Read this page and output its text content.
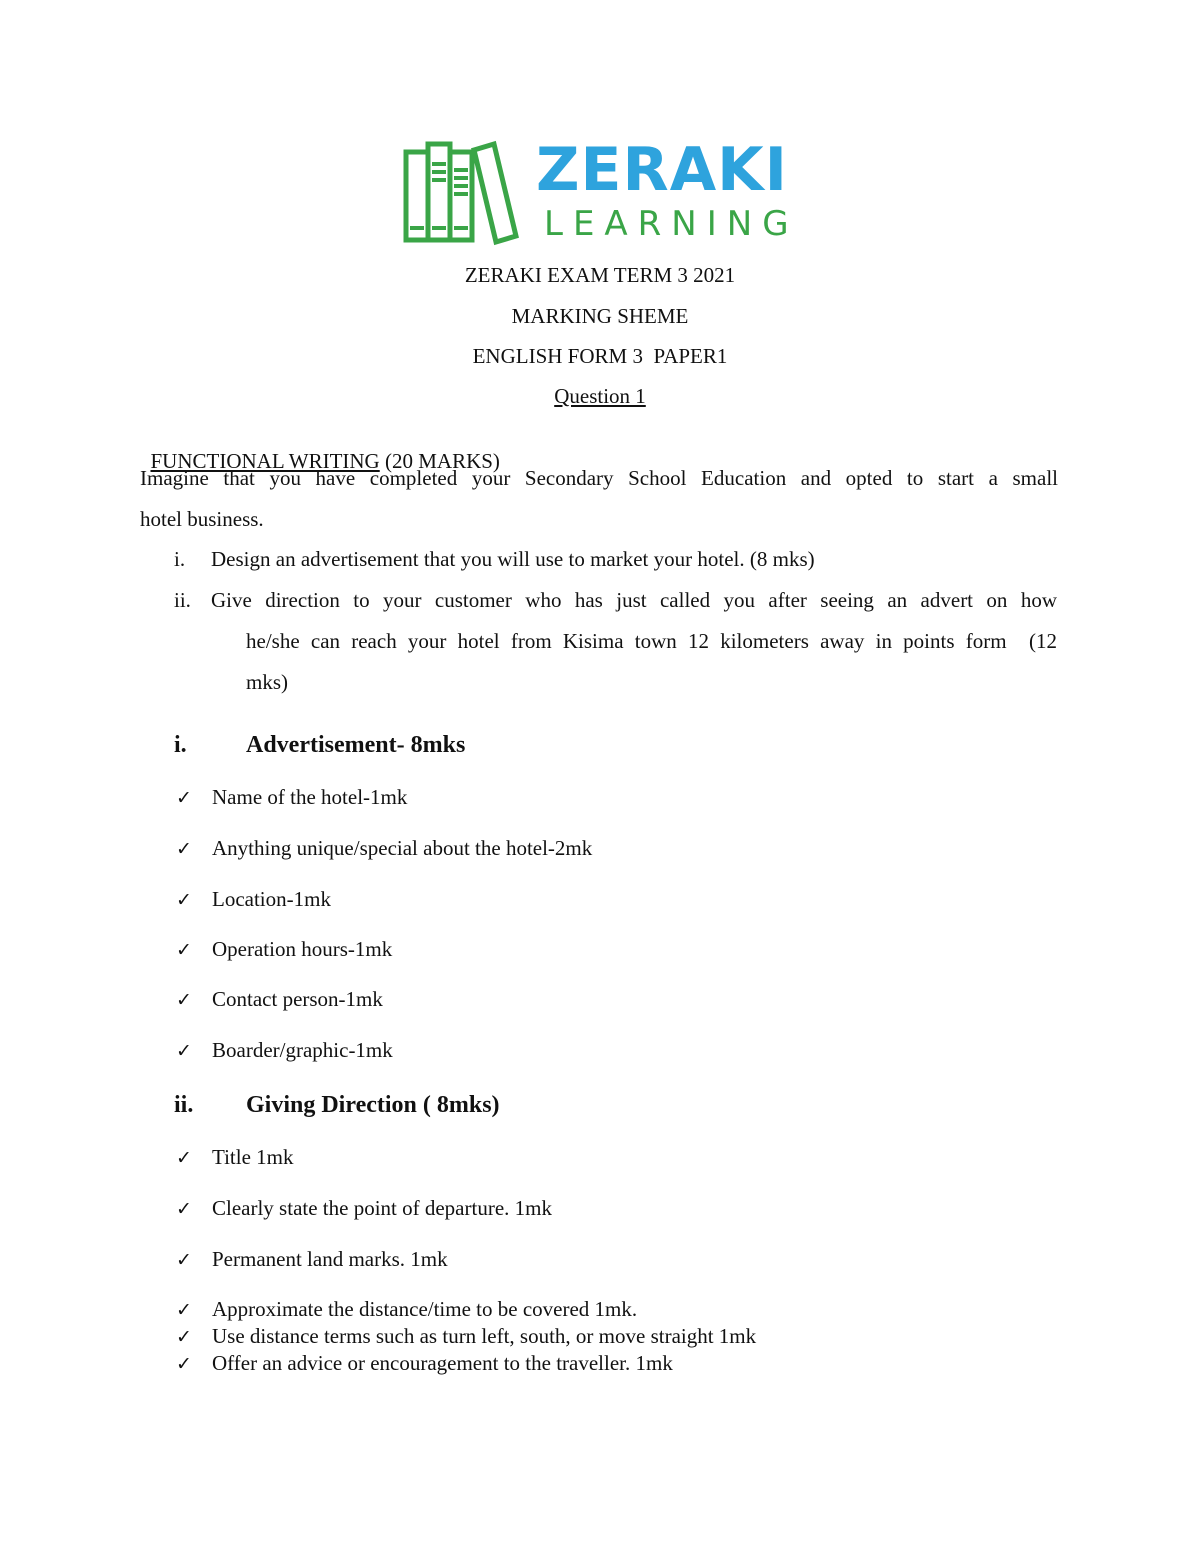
ZERAKI
LEARNING
ZERAKI EXAM TERM 3 2021
MARKING SHEME
ENGLISH FORM 3  PAPER1
Question 1

FUNCTIONAL WRITING (20 MARKS)

Imagine that you have completed your Secondary School Education and opted to start a small
hotel business.
i. Design an advertisement that you will use to market your hotel. (8 mks)
ii. Give direction to your customer who has just called you after seeing an advert on how
he/she can reach your hotel from Kisima town 12 kilometers away in points form  (12
mks)
i. Advertisement- 8mks
✓ Name of the hotel-1mk
✓ Anything unique/special about the hotel-2mk
✓ Location-1mk
✓ Operation hours-1mk
✓ Contact person-1mk
✓ Boarder/graphic-1mk
ii. Giving Direction ( 8mks)
✓ Title 1mk
✓ Clearly state the point of departure. 1mk
✓ Permanent land marks. 1mk
✓ Approximate the distance/time to be covered 1mk.
✓ Use distance terms such as turn left, south, or move straight 1mk
✓ Offer an advice or encouragement to the traveller. 1mk
